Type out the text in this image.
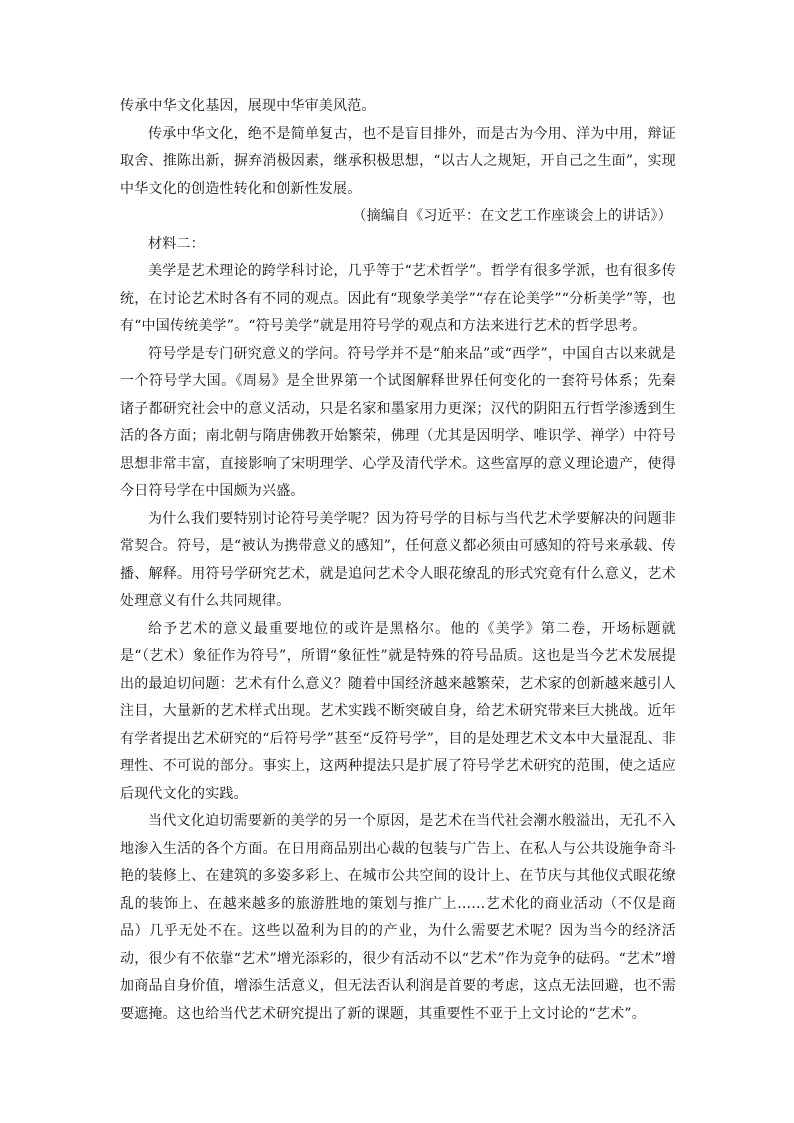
传承中华文化基因，展现中华审美风范。

传承中华文化，绝不是简单复古，也不是盲目排外，而是古为今用、洋为中用，辩证取舍、推陈出新，摒弃消极因素，继承积极思想，“以古人之规矩，开自己之生面”，实现中华文化的创造性转化和创新性发展。

（摘编自《习近平：在文艺工作座谈会上的讲话》）

材料二：

美学是艺术理论的跨学科讨论，几乎等于“艺术哲学”。哲学有很多学派，也有很多传统，在讨论艺术时各有不同的观点。因此有“现象学美学”“存在论美学”“分析美学”等，也有“中国传统美学”。“符号美学”就是用符号学的观点和方法来进行艺术的哲学思考。

符号学是专门研究意义的学问。符号学并不是“舶来品”或“西学”，中国自古以来就是一个符号学大国。《周易》是全世界第一个试图解释世界任何变化的一套符号体系；先秦诸子都研究社会中的意义活动，只是名家和墨家用力更深；汉代的阴阳五行哲学渗透到生活的各方面；南北朝与隋唐佛教开始繁荣，佛理（尤其是因明学、唯识学、禅学）中符号思想非常丰富，直接影响了宋明理学、心学及清代学术。这些富厚的意义理论遗产，使得今日符号学在中国颇为兴盛。

为什么我们要特别讨论符号美学呢？因为符号学的目标与当代艺术学要解决的问题非常契合。符号，是“被认为携带意义的感知”，任何意义都必须由可感知的符号来承载、传播、解释。用符号学研究艺术，就是追问艺术令人眼花缭乱的形式究竟有什么意义，艺术处理意义有什么共同规律。

给予艺术的意义最重要地位的或许是黑格尔。他的《美学》第二卷，开场标题就是“（艺术）象征作为符号”，所谓“象征性”就是特殊的符号品质。这也是当今艺术发展提出的最迫切问题：艺术有什么意义？随着中国经济越来越繁荣，艺术家的创新越来越引人注目，大量新的艺术样式出现。艺术实践不断突破自身，给艺术研究带来巨大挑战。近年有学者提出艺术研究的“后符号学”甚至“反符号学”，目的是处理艺术文本中大量混乱、非理性、不可说的部分。事实上，这两种提法只是扩展了符号学艺术研究的范围，使之适应后现代文化的实践。

当代文化迫切需要新的美学的另一个原因，是艺术在当代社会潮水般溢出，无孔不入地渗入生活的各个方面。在日用商品别出心裁的包装与广告上、在私人与公共设施争奇斗艳的装修上、在建筑的多姿多彩上、在城市公共空间的设计上、在节庆与其他仪式眼花缭乱的装饰上、在越来越多的旅游胜地的策划与推广上……艺术化的商业活动（不仅是商品）几乎无处不在。这些以盈利为目的的产业，为什么需要艺术呢？因为当今的经济活动，很少有不依靠“艺术”增光添彩的，很少有活动不以“艺术”作为竞争的砝码。“艺术”增加商品自身价值，增添生活意义，但无法否认利润是首要的考虑，这点无法回避，也不需要遮掩。这也给当代艺术研究提出了新的课题，其重要性不亚于上文讨论的“艺术”。
